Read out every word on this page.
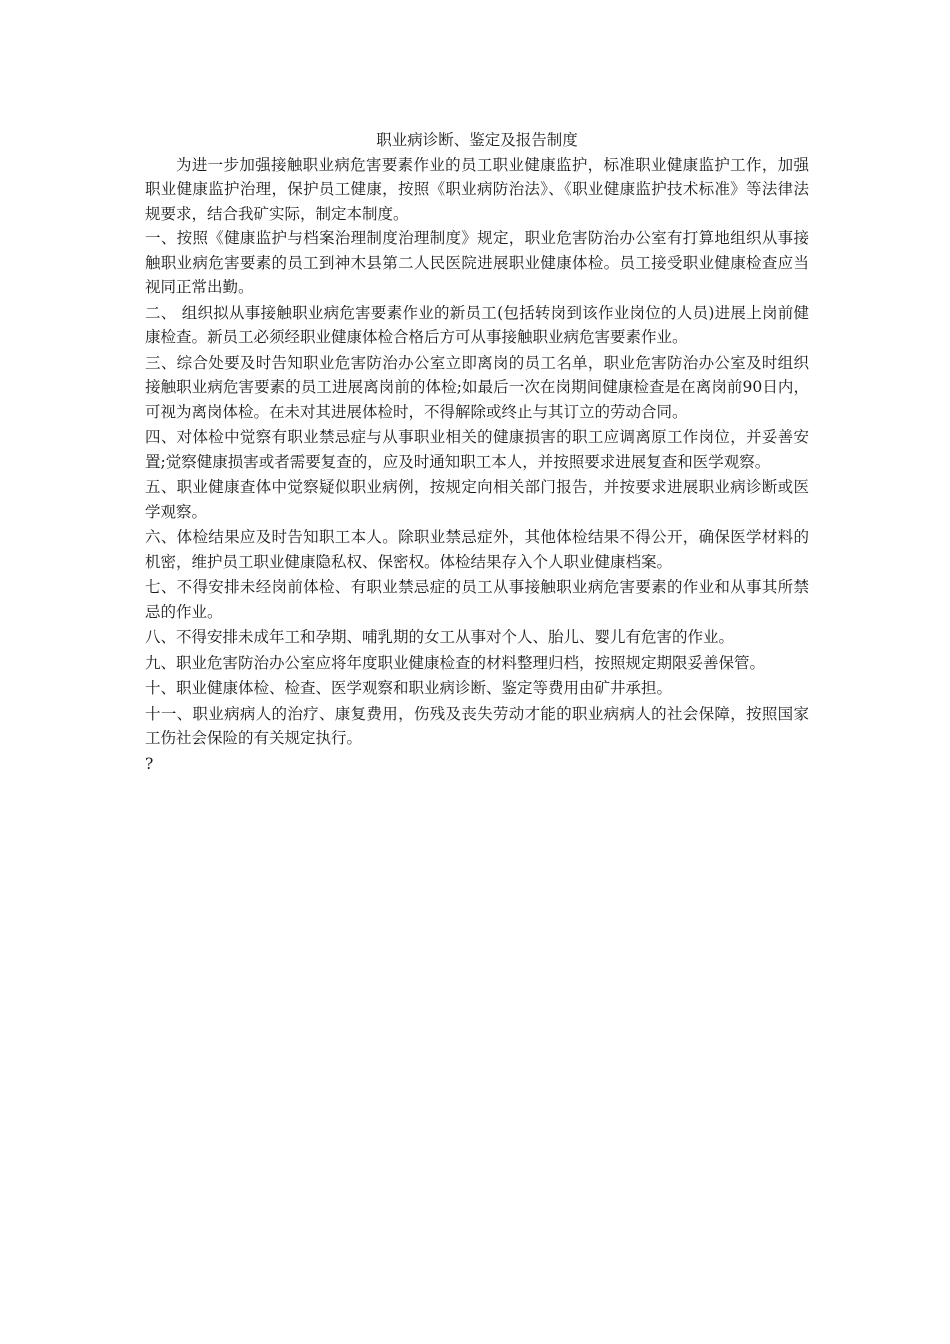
职业病诊断、鉴定及报告制度

为进一步加强接触职业病危害要素作业的员工职业健康监护，标准职业健康监护工作，加强职业健康监护治理，保护员工健康，按照《职业病防治法》、《职业健康监护技术标准》等法律法规要求，结合我矿实际，制定本制度。

一、按照《健康监护与档案治理制度治理制度》规定，职业危害防治办公室有打算地组织从事接触职业病危害要素的员工到神木县第二人民医院进展职业健康体检。员工接受职业健康检查应当视同正常出勤。

二、 组织拟从事接触职业病危害要素作业的新员工(包括转岗到该作业岗位的人员)进展上岗前健康检查。新员工必须经职业健康体检合格后方可从事接触职业病危害要素作业。

三、综合处要及时告知职业危害防治办公室立即离岗的员工名单，职业危害防治办公室及时组织接触职业病危害要素的员工进展离岗前的体检;如最后一次在岗期间健康检查是在离岗前90日内，可视为离岗体检。在未对其进展体检时，不得解除或终止与其订立的劳动合同。

四、对体检中觉察有职业禁忌症与从事职业相关的健康损害的职工应调离原工作岗位，并妥善安置;觉察健康损害或者需要复查的，应及时通知职工本人，并按照要求进展复查和医学观察。

五、职业健康查体中觉察疑似职业病例，按规定向相关部门报告，并按要求进展职业病诊断或医学观察。

六、体检结果应及时告知职工本人。除职业禁忌症外，其他体检结果不得公开，确保医学材料的机密，维护员工职业健康隐私权、保密权。体检结果存入个人职业健康档案。

七、不得安排未经岗前体检、有职业禁忌症的员工从事接触职业病危害要素的作业和从事其所禁忌的作业。

八、不得安排未成年工和孕期、哺乳期的女工从事对个人、胎儿、婴儿有危害的作业。

九、职业危害防治办公室应将年度职业健康检查的材料整理归档，按照规定期限妥善保管。

十、职业健康体检、检查、医学观察和职业病诊断、鉴定等费用由矿井承担。

十一、职业病病人的治疗、康复费用，伤残及丧失劳动才能的职业病病人的社会保障，按照国家工伤社会保险的有关规定执行。

?
